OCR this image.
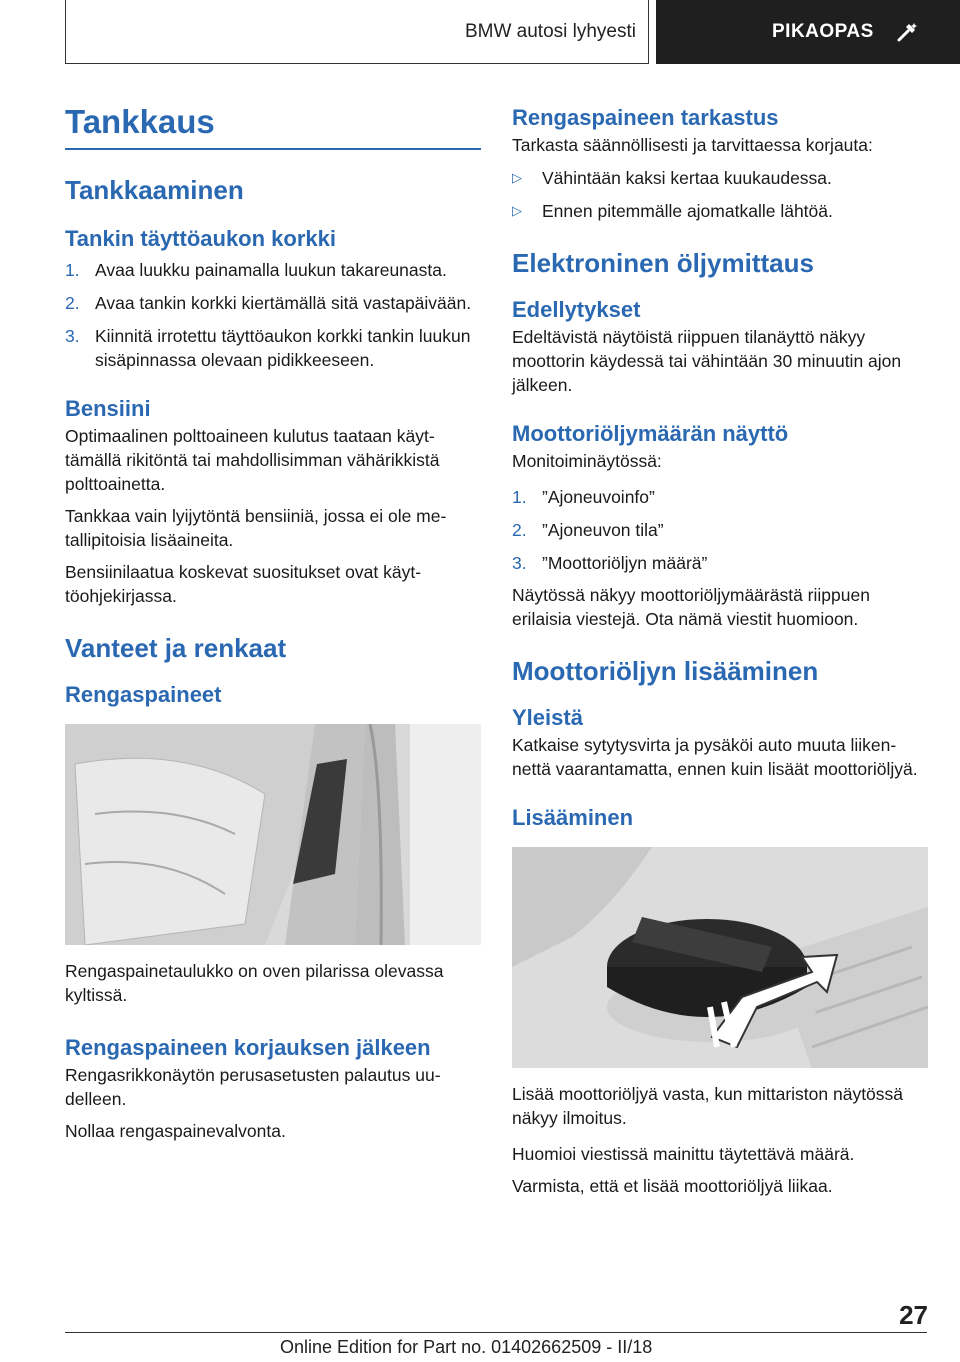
BMW autosi lyhyesti	PIKAOPAS
Tankkaus
Tankkaaminen
Tankin täyttöaukon korkki
1. Avaa luukku painamalla luukun takareunasta.
2. Avaa tankin korkki kiertämällä sitä vastapäivään.
3. Kiinnitä irrotettu täyttöaukon korkki tankin luukun sisäpinnassa olevaan pidikkeeseen.
Bensiini

Optimaalinen polttoaineen kulutus taataan käyttämällä rikitöntä tai mahdollisimman vähärikkistä polttoainetta.

Tankkaa vain lyijytöntä bensiiniä, jossa ei ole metallipitoisia lisäaineita.

Bensiinilaatua koskevat suositukset ovat käyttöohjekirjassa.

Vanteet ja renkaat
Rengaspaineet

Rengaspainetaulukko on oven pilarissa olevassa kyltissä.

Rengaspaineen korjauksen jälkeen

Rengasrikkonäytön perusasetusten palautus uudelleen.

Nollaa rengaspainevalvonta.

Rengaspaineen tarkastus

Tarkasta säännöllisesti ja tarvittaessa korjauta:

▷ Vähintään kaksi kertaa kuukaudessa.
▷ Ennen pitemmälle ajomatkalle lähtöä.
Elektroninen öljymittaus
Edellytykset

Edeltävistä näytöistä riippuen tilanäyttö näkyy moottorin käydessä tai vähintään 30 minuutin ajon jälkeen.

Moottoriöljymäärän näyttö

Monitoiminäytössä:

1. ”Ajoneuvoinfo”
2. ”Ajoneuvon tila”
3. ”Moottoriöljyn määrä”

Näytössä näkyy moottoriöljymäärästä riippuen erilaisia viestejä. Ota nämä viestit huomioon.

Moottoriöljyn lisääminen
Yleistä

Katkaise sytytysvirta ja pysäköi auto muuta liikennettä vaarantamatta, ennen kuin lisäät moottoriöljyä.

Lisääminen

Lisää moottoriöljyä vasta, kun mittariston näytössä näkyy ilmoitus.

Huomioi viestissä mainittu täytettävä määrä.

Varmista, että et lisää moottoriöljyä liikaa.

27
Online Edition for Part no. 01402662509 - II/18
